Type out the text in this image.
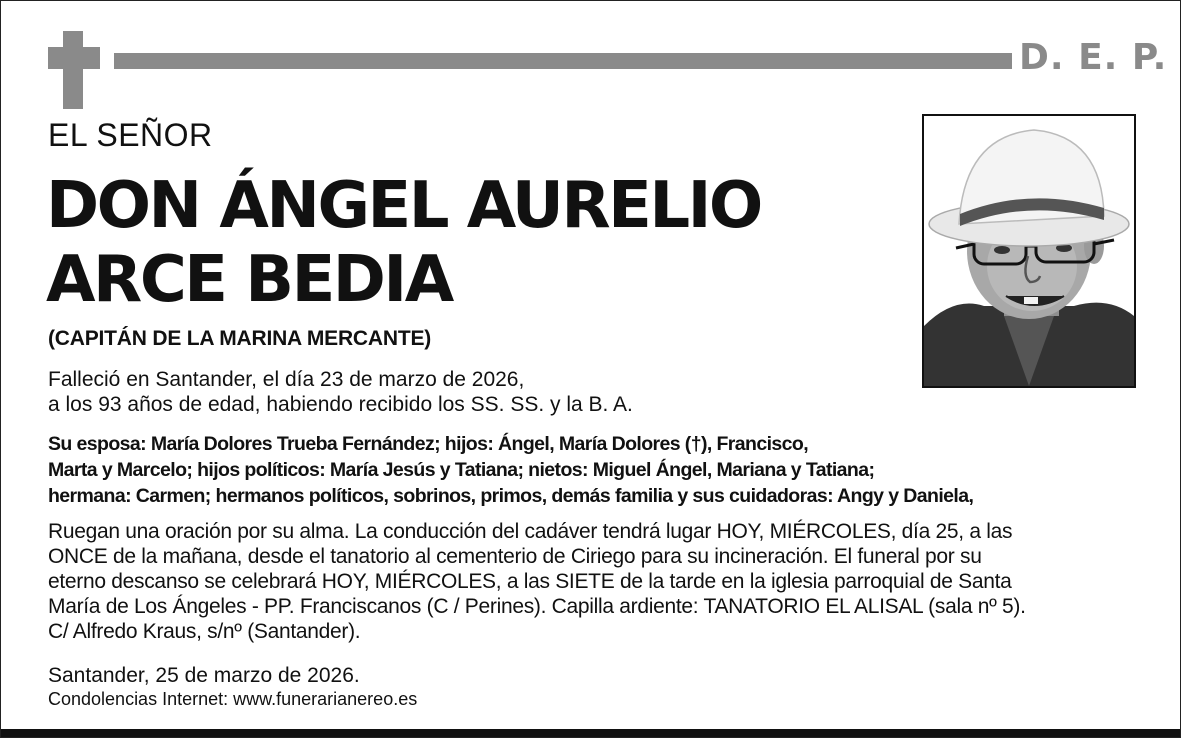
D. E. P.
EL SEÑOR
DON ÁNGEL AURELIO
ARCE BEDIA
(CAPITÁN DE LA MARINA MERCANTE)
Falleció en Santander, el día 23 de marzo de 2026,
a los 93 años de edad, habiendo recibido los SS. SS. y la B. A.
Su esposa: María Dolores Trueba Fernández; hijos: Ángel, María Dolores (†), Francisco,
Marta y Marcelo; hijos políticos: María Jesús y Tatiana; nietos: Miguel Ángel, Mariana y Tatiana;
hermana: Carmen; hermanos políticos, sobrinos, primos, demás familia y sus cuidadoras: Angy y Daniela,
Ruegan una oración por su alma. La conducción del cadáver tendrá lugar HOY, MIÉRCOLES, día 25, a las
ONCE de la mañana, desde el tanatorio al cementerio de Ciriego para su incineración. El funeral por su
eterno descanso se celebrará HOY, MIÉRCOLES, a las SIETE de la tarde en la iglesia parroquial de Santa
María de Los Ángeles - PP. Franciscanos (C / Perines). Capilla ardiente: TANATORIO EL ALISAL (sala nº 5).
C/ Alfredo Kraus, s/nº (Santander).
Santander, 25 de marzo de 2026.
Condolencias Internet: www.funerarianereo.es
